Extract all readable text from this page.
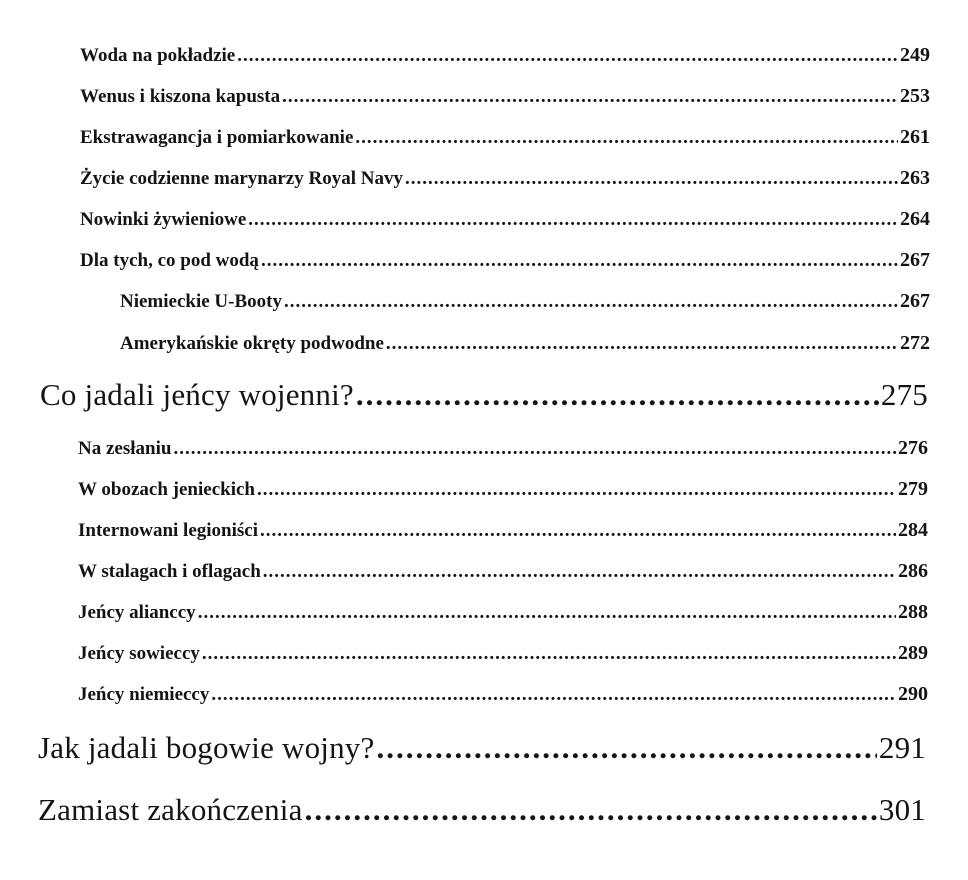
Woda na pokładzie .....	249
Wenus i kiszona kapusta .....	253
Ekstrawagancja i pomiarkowanie .....	261
Życie codzienne marynarzy Royal Navy .....	263
Nowinki żywieniowe .....	264
Dla tych, co pod wodą .....	267
Niemieckie U-Booty .....	267
Amerykańskie okręty podwodne .....	272
Co jadali jeńcy wojenni? .....	275
Na zesłaniu .....	276
W obozach jenieckich .....	279
Internowani legioniści .....	284
W stalagach i oflagach .....	286
Jeńcy alianccy .....	288
Jeńcy sowieccy .....	289
Jeńcy niemieccy .....	290
Jak jadali bogowie wojny? .....	291
Zamiast zakończenia .....	301
